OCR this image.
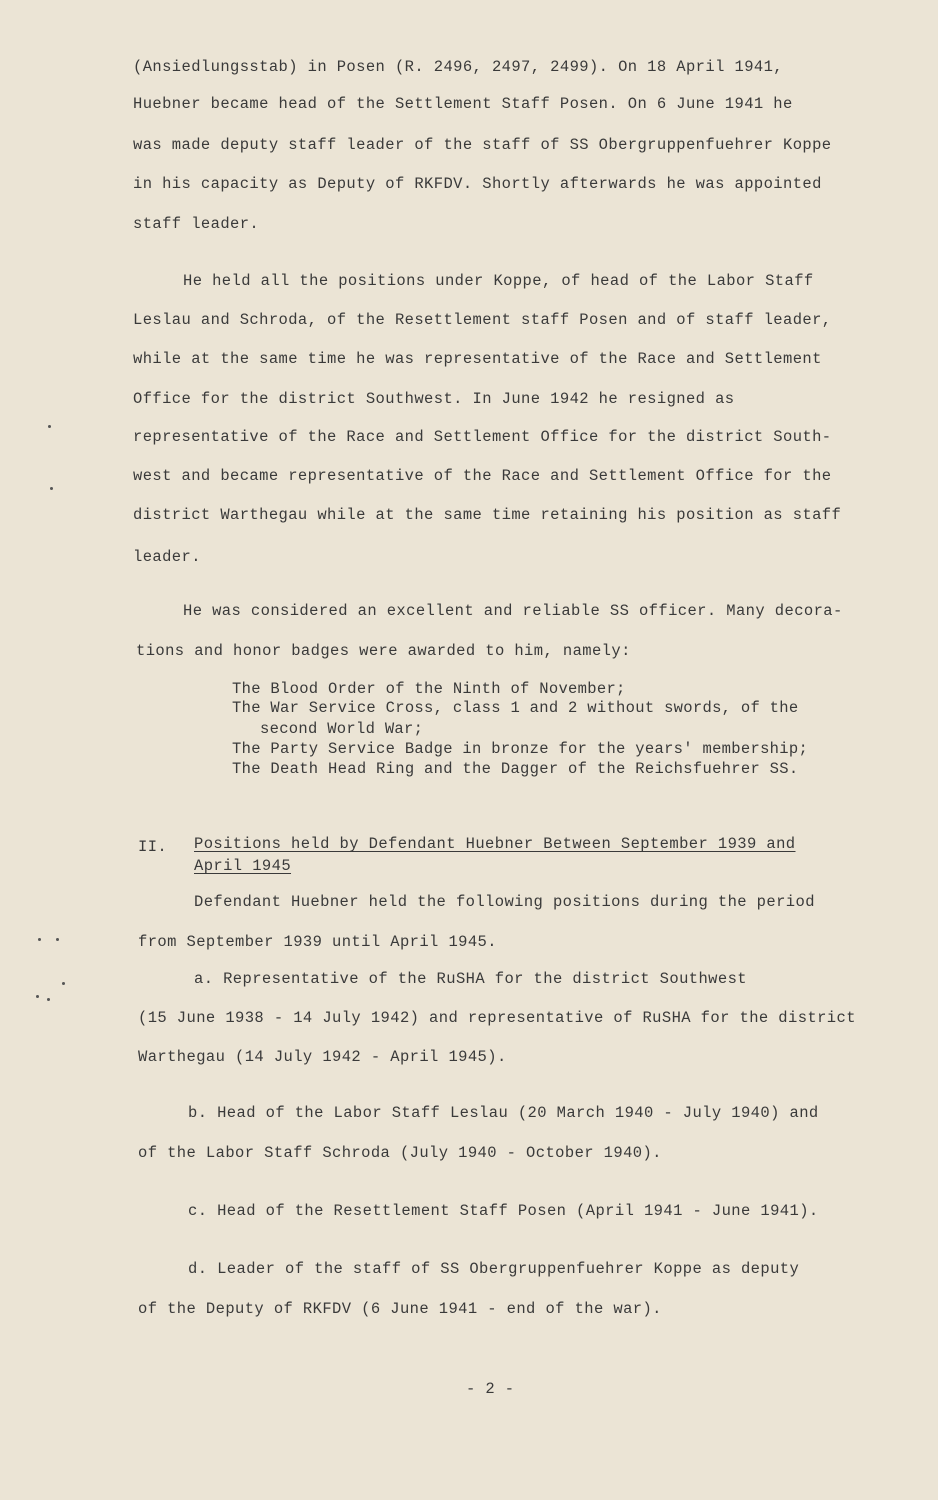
(Ansiedlungsstab) in Posen (R. 2496, 2497, 2499). On 18 April 1941,
Huebner became head of the Settlement Staff Posen. On 6 June 1941 he
was made deputy staff leader of the staff of SS Obergruppenfuehrer Koppe
in his capacity as Deputy of RKFDV. Shortly afterwards he was appointed
staff leader.
He held all the positions under Koppe, of head of the Labor Staff
Leslau and Schroda, of the Resettlement staff Posen and of staff leader,
while at the same time he was representative of the Race and Settlement
Office for the district Southwest. In June 1942 he resigned as
representative of the Race and Settlement Office for the district South-
west and became representative of the Race and Settlement Office for the
district Warthegau while at the same time retaining his position as staff
leader.
He was considered an excellent and reliable SS officer. Many decora-
tions and honor badges were awarded to him, namely:
The Blood Order of the Ninth of November;
The War Service Cross, class 1 and 2 without swords, of the
second World War;
The Party Service Badge in bronze for the years' membership;
The Death Head Ring and the Dagger of the Reichsfuehrer SS.
II. Positions held by Defendant Huebner Between September 1939 and
April 1945
Defendant Huebner held the following positions during the period
from September 1939 until April 1945.
a. Representative of the RuSHA for the district Southwest
(15 June 1938 - 14 July 1942) and representative of RuSHA for the district
Warthegau (14 July 1942 - April 1945).
b. Head of the Labor Staff Leslau (20 March 1940 - July 1940) and
of the Labor Staff Schroda (July 1940 - October 1940).
c. Head of the Resettlement Staff Posen (April 1941 - June 1941).
d. Leader of the staff of SS Obergruppenfuehrer Koppe as deputy
of the Deputy of RKFDV (6 June 1941 - end of the war).
- 2 -
